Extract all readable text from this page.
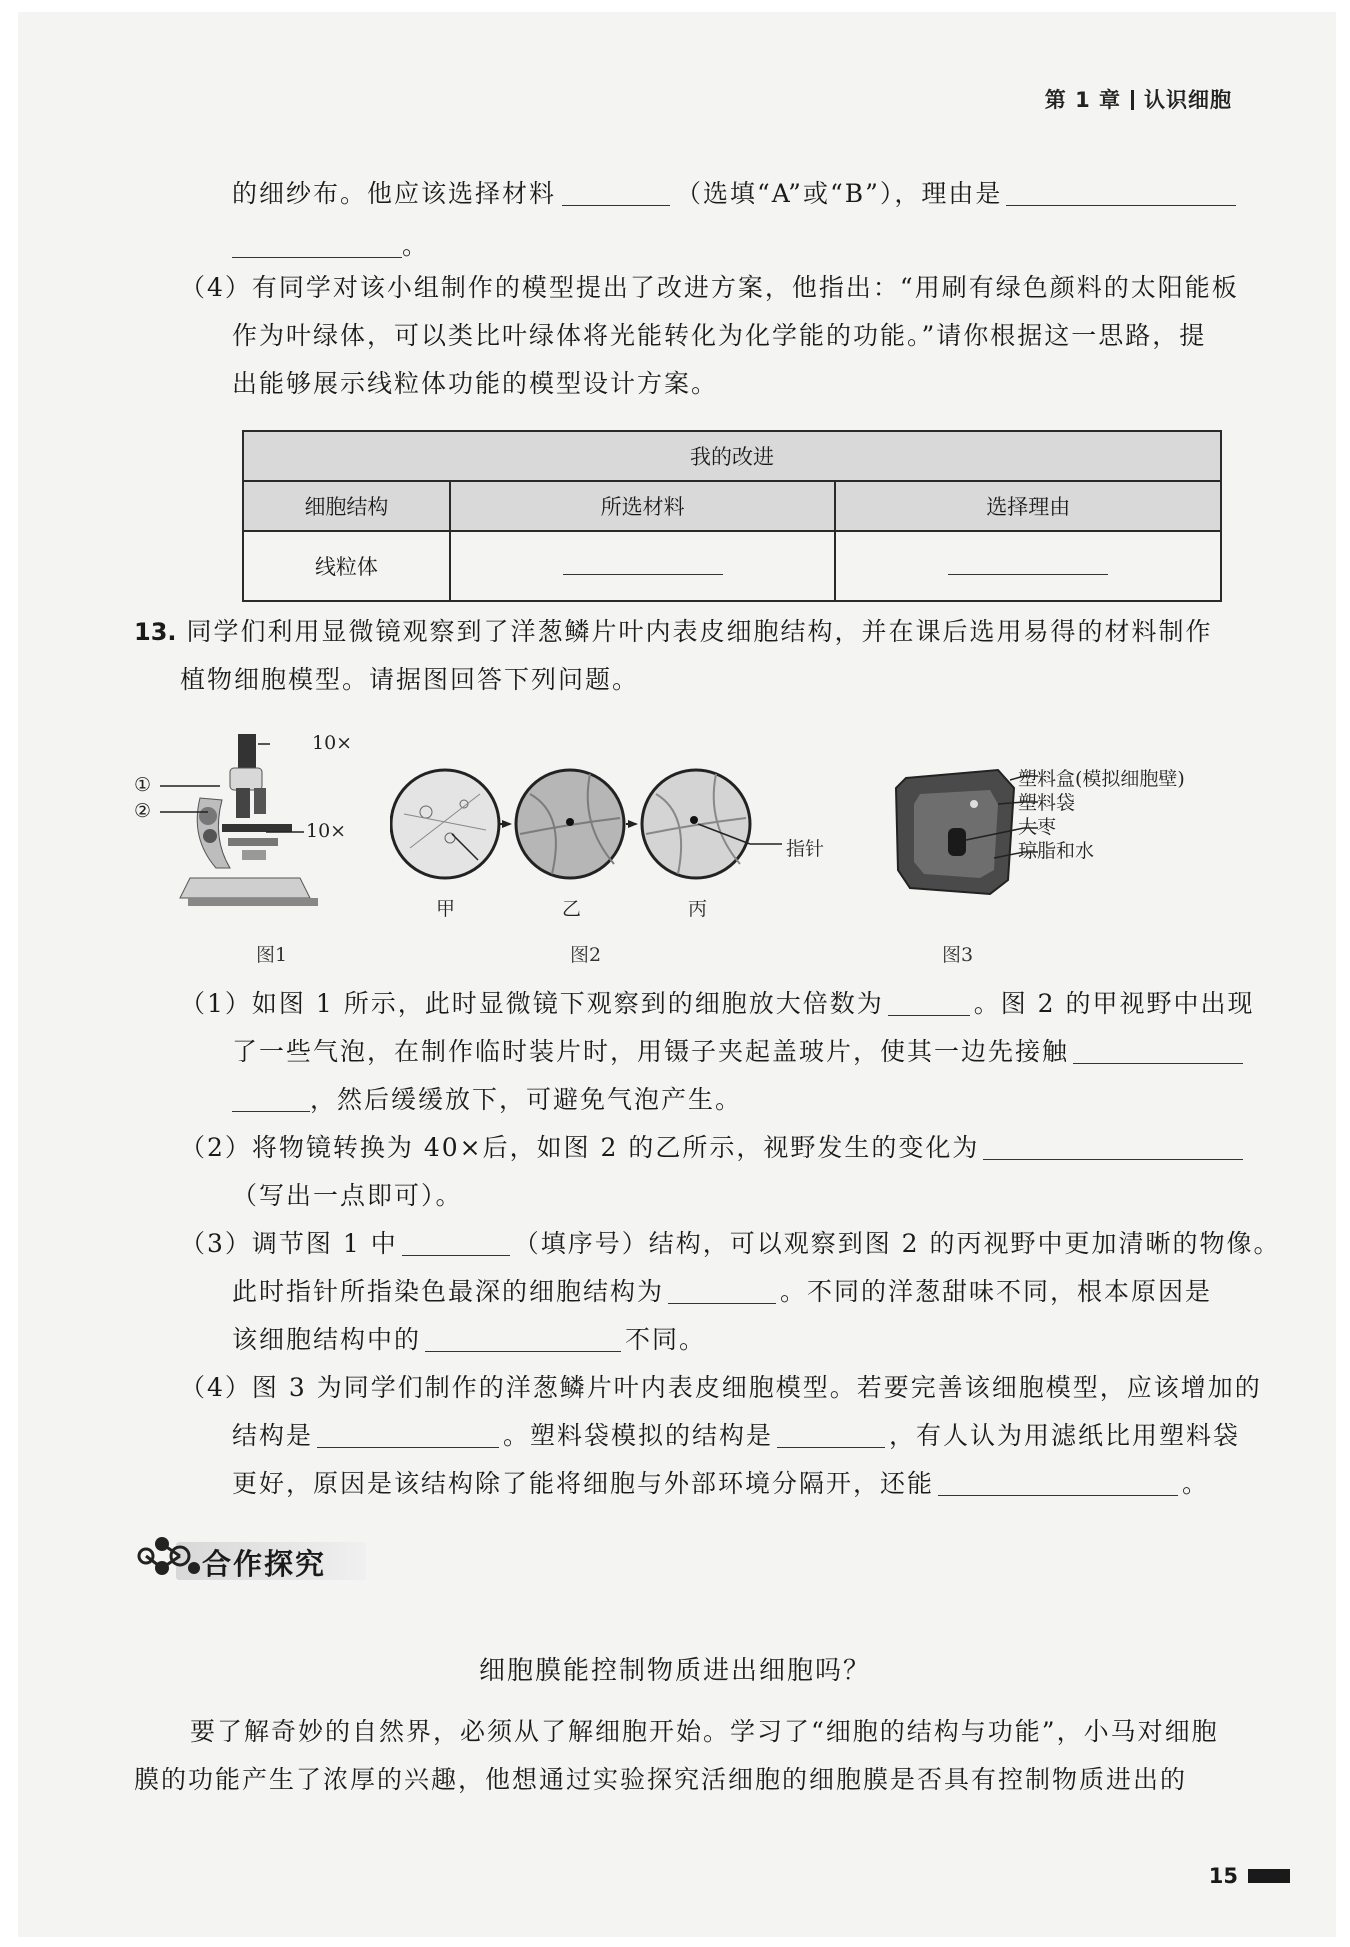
第 1 章 认识细胞
的细纱布。他应该选择材料	（选填“A”或“B”），理由是
。
（4）有同学对该小组制作的模型提出了改进方案，他指出：“用刷有绿色颜料的太阳能板
作为叶绿体，可以类比叶绿体将光能转化为化学能的功能。”请你根据这一思路，提
出能够展示线粒体功能的模型设计方案。
我的改进		
细胞结构	所选材料	选择理由
线粒体		
13. 同学们利用显微镜观察到了洋葱鳞片叶内表皮细胞结构，并在课后选用易得的材料制作
植物细胞模型。请据图回答下列问题。
10×
10×
①
②
图1
指针
甲	乙	丙
图2
塑料盒(模拟细胞壁)
塑料袋
大枣
琼脂和水
图3
（1）如图 1 所示，此时显微镜下观察到的细胞放大倍数为	。图 2 的甲视野中出现
了一些气泡，在制作临时装片时，用镊子夹起盖玻片，使其一边先接触
，然后缓缓放下，可避免气泡产生。
（2）将物镜转换为 40×后，如图 2 的乙所示，视野发生的变化为
（写出一点即可）。
（3）调节图 1 中	（填序号）结构，可以观察到图 2 的丙视野中更加清晰的物像。
此时指针所指染色最深的细胞结构为	。不同的洋葱甜味不同，根本原因是
该细胞结构中的	不同。
（4）图 3 为同学们制作的洋葱鳞片叶内表皮细胞模型。若要完善该细胞模型，应该增加的
结构是	。塑料袋模拟的结构是	，有人认为用滤纸比用塑料袋
更好，原因是该结构除了能将细胞与外部环境分隔开，还能	。
合作探究
细胞膜能控制物质进出细胞吗？
要了解奇妙的自然界，必须从了解细胞开始。学习了“细胞的结构与功能”，小马对细胞
膜的功能产生了浓厚的兴趣，他想通过实验探究活细胞的细胞膜是否具有控制物质进出的
15
